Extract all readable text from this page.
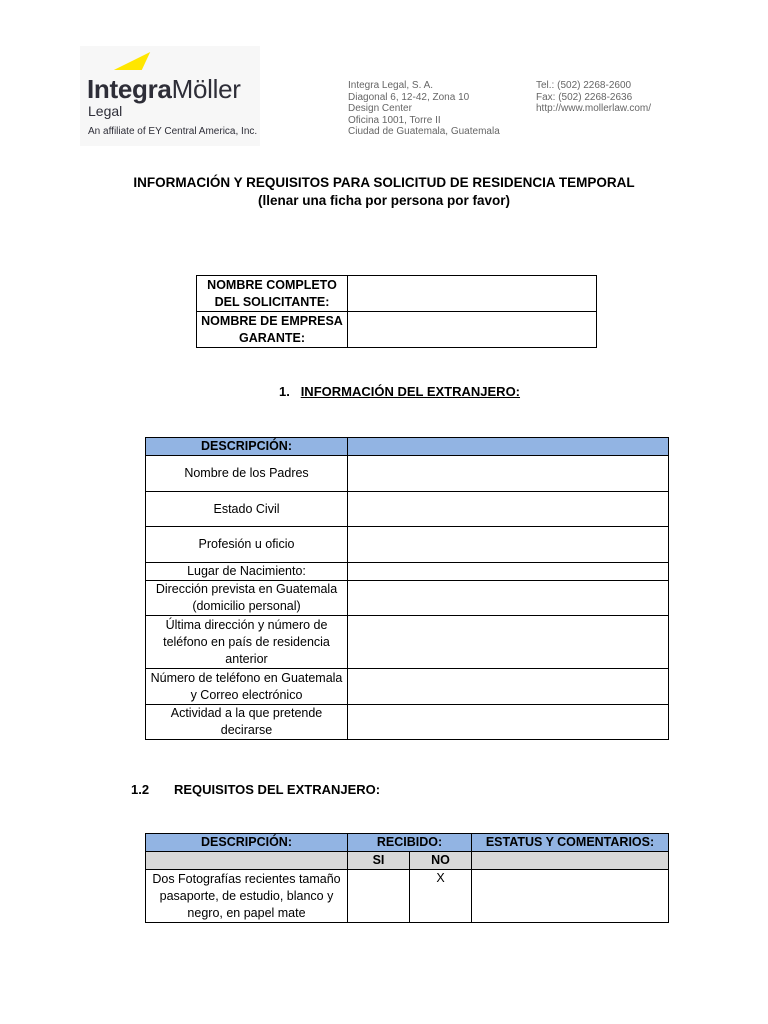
IntegraMöller
Legal
An affiliate of EY Central America, Inc.
Integra Legal, S. A.
Diagonal 6, 12-42, Zona 10
Design Center
Oficina 1001, Torre II
Ciudad de Guatemala, Guatemala
Tel.: (502) 2268-2600
Fax: (502) 2268-2636
http://www.mollerlaw.com/
INFORMACIÓN Y REQUISITOS PARA SOLICITUD DE RESIDENCIA TEMPORAL
(llenar una ficha por persona por favor)
NOMBRE COMPLETO DEL SOLICITANTE:	
NOMBRE DE EMPRESA GARANTE:	
1. INFORMACIÓN DEL EXTRANJERO:
DESCRIPCIÓN:	
Nombre de los Padres	
Estado Civil	
Profesión u oficio	
Lugar de Nacimiento:	
Dirección prevista en Guatemala (domicilio personal)	
Última dirección y número de teléfono en país de residencia anterior	
Número de teléfono en Guatemala y Correo electrónico	
Actividad a la que pretende decirarse	
1.2 REQUISITOS DEL EXTRANJERO:
DESCRIPCIÓN:	RECIBIDO:		ESTATUS Y COMENTARIOS:
	SI	NO	
Dos Fotografías recientes tamaño pasaporte, de estudio, blanco y negro, en papel mate		X	
